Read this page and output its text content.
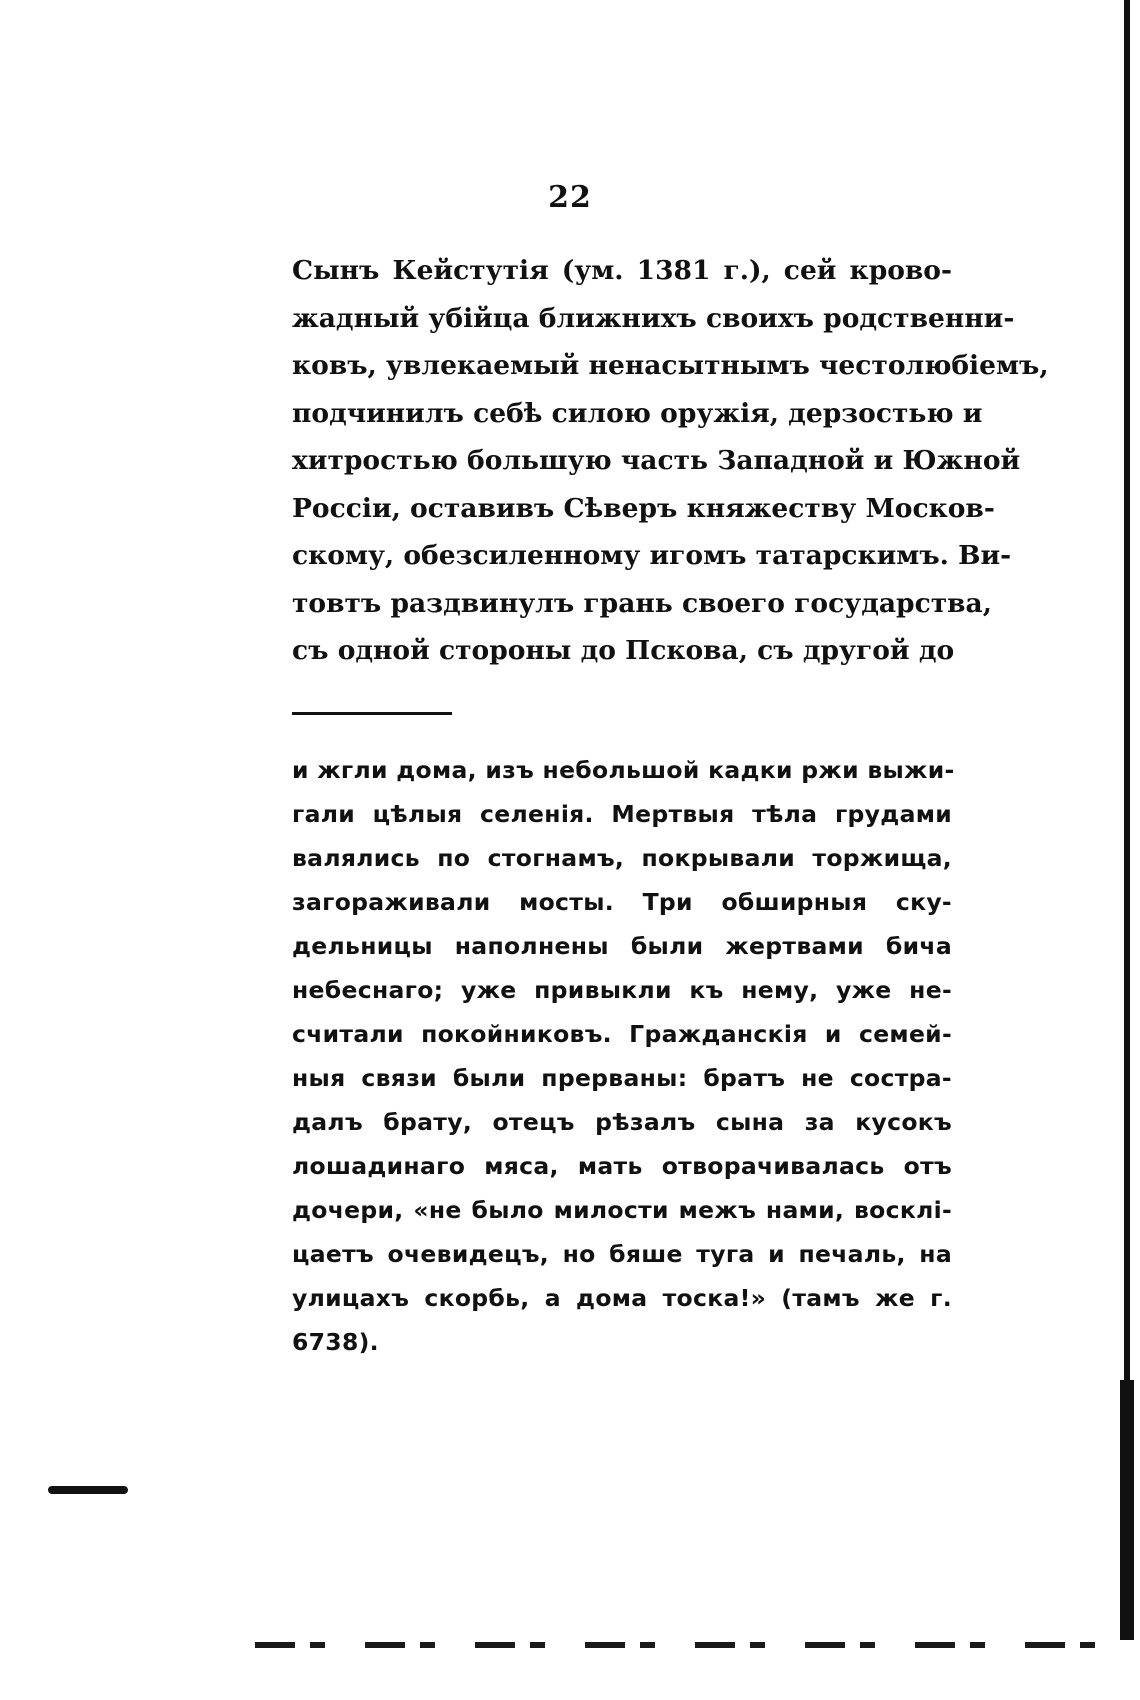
22
Сынъ Кейстутія (ум. 1381 г.), сей крово-
жадный убійца ближнихъ своихъ родственни-
ковъ, увлекаемый ненасытнымъ честолюбіемъ,
подчинилъ себѣ силою оружія, дерзостью и
хитростью большую часть Западной и Южной
Россіи, оставивъ Сѣверъ княжеству Москов-
скому, обезсиленному игомъ татарскимъ. Ви-
товтъ раздвинулъ грань своего государства,
съ одной стороны до Пскова, съ другой до
и жгли дома, изъ небольшой кадки ржи выжи-
гали цѣлыя селенія. Мертвыя тѣла грудами
валялись по стогнамъ, покрывали торжища,
загораживали мосты. Три обширныя ску-
дельницы наполнены были жертвами бича
небеснаго; уже привыкли къ нему, уже не-
считали покойниковъ. Гражданскія и семей-
ныя связи были прерваны: братъ не состра-
далъ брату, отецъ рѣзалъ сына за кусокъ
лошадинаго мяса, мать отворачивалась отъ
дочери, «не было милости межъ нами, восклі-
цаетъ очевидецъ, но бяше туга и печаль, на
улицахъ скорбь, а дома тоска!» (тамъ же г.
6738).
